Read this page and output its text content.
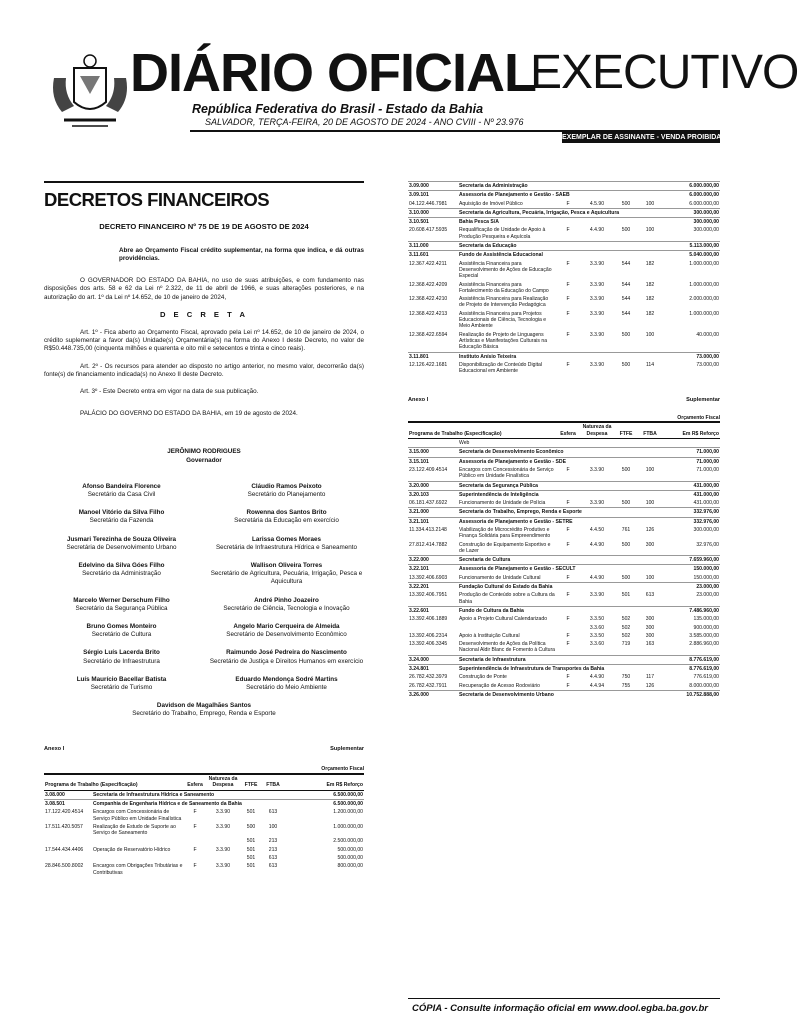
DIÁRIO OFICIAL
EXECUTIVO
República Federativa do Brasil - Estado da Bahia
SALVADOR, TERÇA-FEIRA, 20 DE AGOSTO DE 2024 - ANO CVIII - Nº 23.976
EXEMPLAR DE ASSINANTE - VENDA PROIBIDA
DECRETOS FINANCEIROS
DECRETO FINANCEIRO Nº 75 DE 19 DE AGOSTO DE 2024
Abre ao Orçamento Fiscal crédito suplementar, na forma que indica, e dá outras providências.
O GOVERNADOR DO ESTADO DA BAHIA, no uso de suas atribuições, e com fundamento nas disposições dos arts. 58 e 62 da Lei nº 2.322, de 11 de abril de 1966, e suas alterações posteriores, e na autorização do art. 1º da Lei nº 14.652, de 10 de janeiro de 2024,
D E C R E T A
Art. 1º - Fica aberto ao Orçamento Fiscal, aprovado pela Lei nº 14.652, de 10 de janeiro de 2024, o crédito suplementar a favor da(s) Unidade(s) Orçamentária(s) na forma do Anexo I deste Decreto, no valor de R$50.448.735,00 (cinquenta milhões e quarenta e oito mil e setecentos e trinta e cinco reais).
Art. 2º - Os recursos para atender ao disposto no artigo anterior, no mesmo valor, decorrerão da(s) fonte(s) de financiamento indicada(s) no Anexo II deste Decreto.
Art. 3º - Este Decreto entra em vigor na data de sua publicação.
PALÁCIO DO GOVERNO DO ESTADO DA BAHIA, em 19 de agosto de 2024.
JERÔNIMO RODRIGUES
Governador
Afonso Bandeira Florence
Secretário da Casa Civil
Cláudio Ramos Peixoto
Secretário do Planejamento
Manoel Vitório da Silva Filho
Secretário da Fazenda
Rowenna dos Santos Brito
Secretária da Educação em exercício
Jusmari Terezinha de Souza Oliveira
Secretária de Desenvolvimento Urbano
Larissa Gomes Moraes
Secretária de Infraestrutura Hídrica e Saneamento
Edelvino da Silva Góes Filho
Secretário da Administração
Wallison Oliveira Torres
Secretário de Agricultura, Pecuária, Irrigação, Pesca e Aquicultura
Marcelo Werner Derschum Filho
Secretário da Segurança Pública
André Pinho Joazeiro
Secretário de Ciência, Tecnologia e Inovação
Bruno Gomes Monteiro
Secretário de Cultura
Angelo Mario Cerqueira de Almeida
Secretário de Desenvolvimento Econômico
Sérgio Luís Lacerda Brito
Secretário de Infraestrutura
Raimundo José Pedreira do Nascimento
Secretário de Justiça e Direitos Humanos em exercício
Luís Maurício Bacellar Batista
Secretário de Turismo
Eduardo Mendonça Sodré Martins
Secretário do Meio Ambiente
Davidson de Magalhães Santos
Secretário do Trabalho, Emprego, Renda e Esporte
Anexo I	Suplementar
Orçamento Fiscal
Programa de Trabalho (Especificação)		Esfera	Natureza da Despesa	FTFE	FTBA	Em R$ Reforço
3.08.000	Secretaria de Infraestrutura Hídrica e Saneamento					6.500.000,00
3.08.501	Companhia de Engenharia Hídrica e de Saneamento da Bahia					6.500.000,00
17.122.420.4514	Encargos com Concessionária de Serviço Público em Unidade Finalística	F	3.3.90	501	613	1.200.000,00
17.511.420.5057	Realização de Estudo de Suporte ao Serviço de Saneamento	F	3.3.90	500	100	1.000.000,00
				501	213	2.500.000,00
17.544.434.4406	Operação de Reservatório Hídrico	F	3.3.90	501	213	500.000,00
				501	613	500.000,00
28.846.500.8002	Encargos com Obrigações Tributárias e Contributivas	F	3.3.90	501	613	800.000,00
3.09.000	Secretaria da Administração					6.000.000,00
3.09.101	Assessoria de Planejamento e Gestão - SAEB					6.000.000,00
04.122.446.7981	Aquisição de Imóvel Público	F	4.5.90	500	100	6.000.000,00
3.10.000	Secretaria da Agricultura, Pecuária, Irrigação, Pesca e Aquicultura					300.000,00
3.10.501	Bahia Pesca S/A					300.000,00
20.608.417.5935	Requalificação de Unidade de Apoio à Produção Pesqueira e Aquícola	F	4.4.90	500	100	300.000,00
3.11.000	Secretaria da Educação					5.113.000,00
3.11.601	Fundo de Assistência Educacional					5.040.000,00
12.367.422.4211	Assistência Financeira para Desenvolvimento de Ações de Educação Especial	F	3.3.90	544	182	1.000.000,00
12.368.422.4209	Assistência Financeira para Fortalecimento da Educação do Campo	F	3.3.90	544	182	1.000.000,00
12.368.422.4210	Assistência Financeira para Realização de Projeto de Intervenção Pedagógica	F	3.3.90	544	182	2.000.000,00
12.368.422.4213	Assistência Financeira para Projetos Educacionais de Ciência, Tecnologia e Meio Ambiente	F	3.3.90	544	182	1.000.000,00
12.368.422.6594	Realização de Projeto de Linguagens Artísticas e Manifestações Culturais na Educação Básica	F	3.3.90	500	100	40.000,00
3.11.801	Instituto Anísio Teixeira					73.000,00
12.126.422.1681	Disponibilização de Conteúdo Digital Educacional em Ambiente	F	3.3.90	500	114	73.000,00
Anexo I	Suplementar
Orçamento Fiscal
Programa de Trabalho (Especificação)		Esfera	Natureza da Despesa	FTFE	FTBA	Em R$ Reforço
	Web					
3.15.000	Secretaria de Desenvolvimento Econômico					71.000,00
3.15.101	Assessoria de Planejamento e Gestão - SDE					71.000,00
23.122.409.4514	Encargos com Concessionária de Serviço Público em Unidade Finalística	F	3.3.90	500	100	71.000,00
3.20.000	Secretaria da Segurança Pública					431.000,00
3.20.103	Superintendência de Inteligência					431.000,00
06.181.437.6922	Funcionamento de Unidade de Polícia	F	3.3.90	500	100	431.000,00
3.21.000	Secretaria do Trabalho, Emprego, Renda e Esporte					332.976,00
3.21.101	Assessoria de Planejamento e Gestão - SETRE					332.976,00
11.334.413.2148	Viabilização de Microcrédito Produtivo e Finança Solidária para Empreendimento	F	4.4.50	761	126	300.000,00
27.812.414.7882	Construção de Equipamento Esportivo e de Lazer	F	4.4.90	500	300	32.976,00
3.22.000	Secretaria de Cultura					7.659.960,00
3.22.101	Assessoria de Planejamento e Gestão - SECULT					150.000,00
13.392.406.6903	Funcionamento de Unidade Cultural	F	4.4.90	500	100	150.000,00
3.22.201	Fundação Cultural do Estado da Bahia					23.000,00
13.392.406.7951	Produção de Conteúdo sobre a Cultura da Bahia	F	3.3.90	501	613	23.000,00
3.22.601	Fundo de Cultura da Bahia					7.486.960,00
13.392.406.1889	Apoio a Projeto Cultural Calendarizado	F	3.3.50	502	300	135.000,00
			3.3.60	502	300	900.000,00
13.392.406.2314	Apoio à Instituição Cultural	F	3.3.50	502	300	3.585.000,00
13.392.406.3345	Desenvolvimento de Ações da Política Nacional Aldir Blanc de Fomento à Cultura	F	3.3.60	719	163	2.886.960,00
3.24.000	Secretaria de Infraestrutura					8.776.619,00
3.24.801	Superintendência de Infraestrutura de Transportes da Bahia					8.776.619,00
26.782.432.3979	Construção de Ponte	F	4.4.90	750	117	776.619,00
26.782.432.7911	Recuperação de Acesso Rodoviário	F	4.4.94	755	126	8.000.000,00
3.26.000	Secretaria de Desenvolvimento Urbano					10.752.888,00
CÓPIA - Consulte informação oficial em www.dool.egba.ba.gov.br
